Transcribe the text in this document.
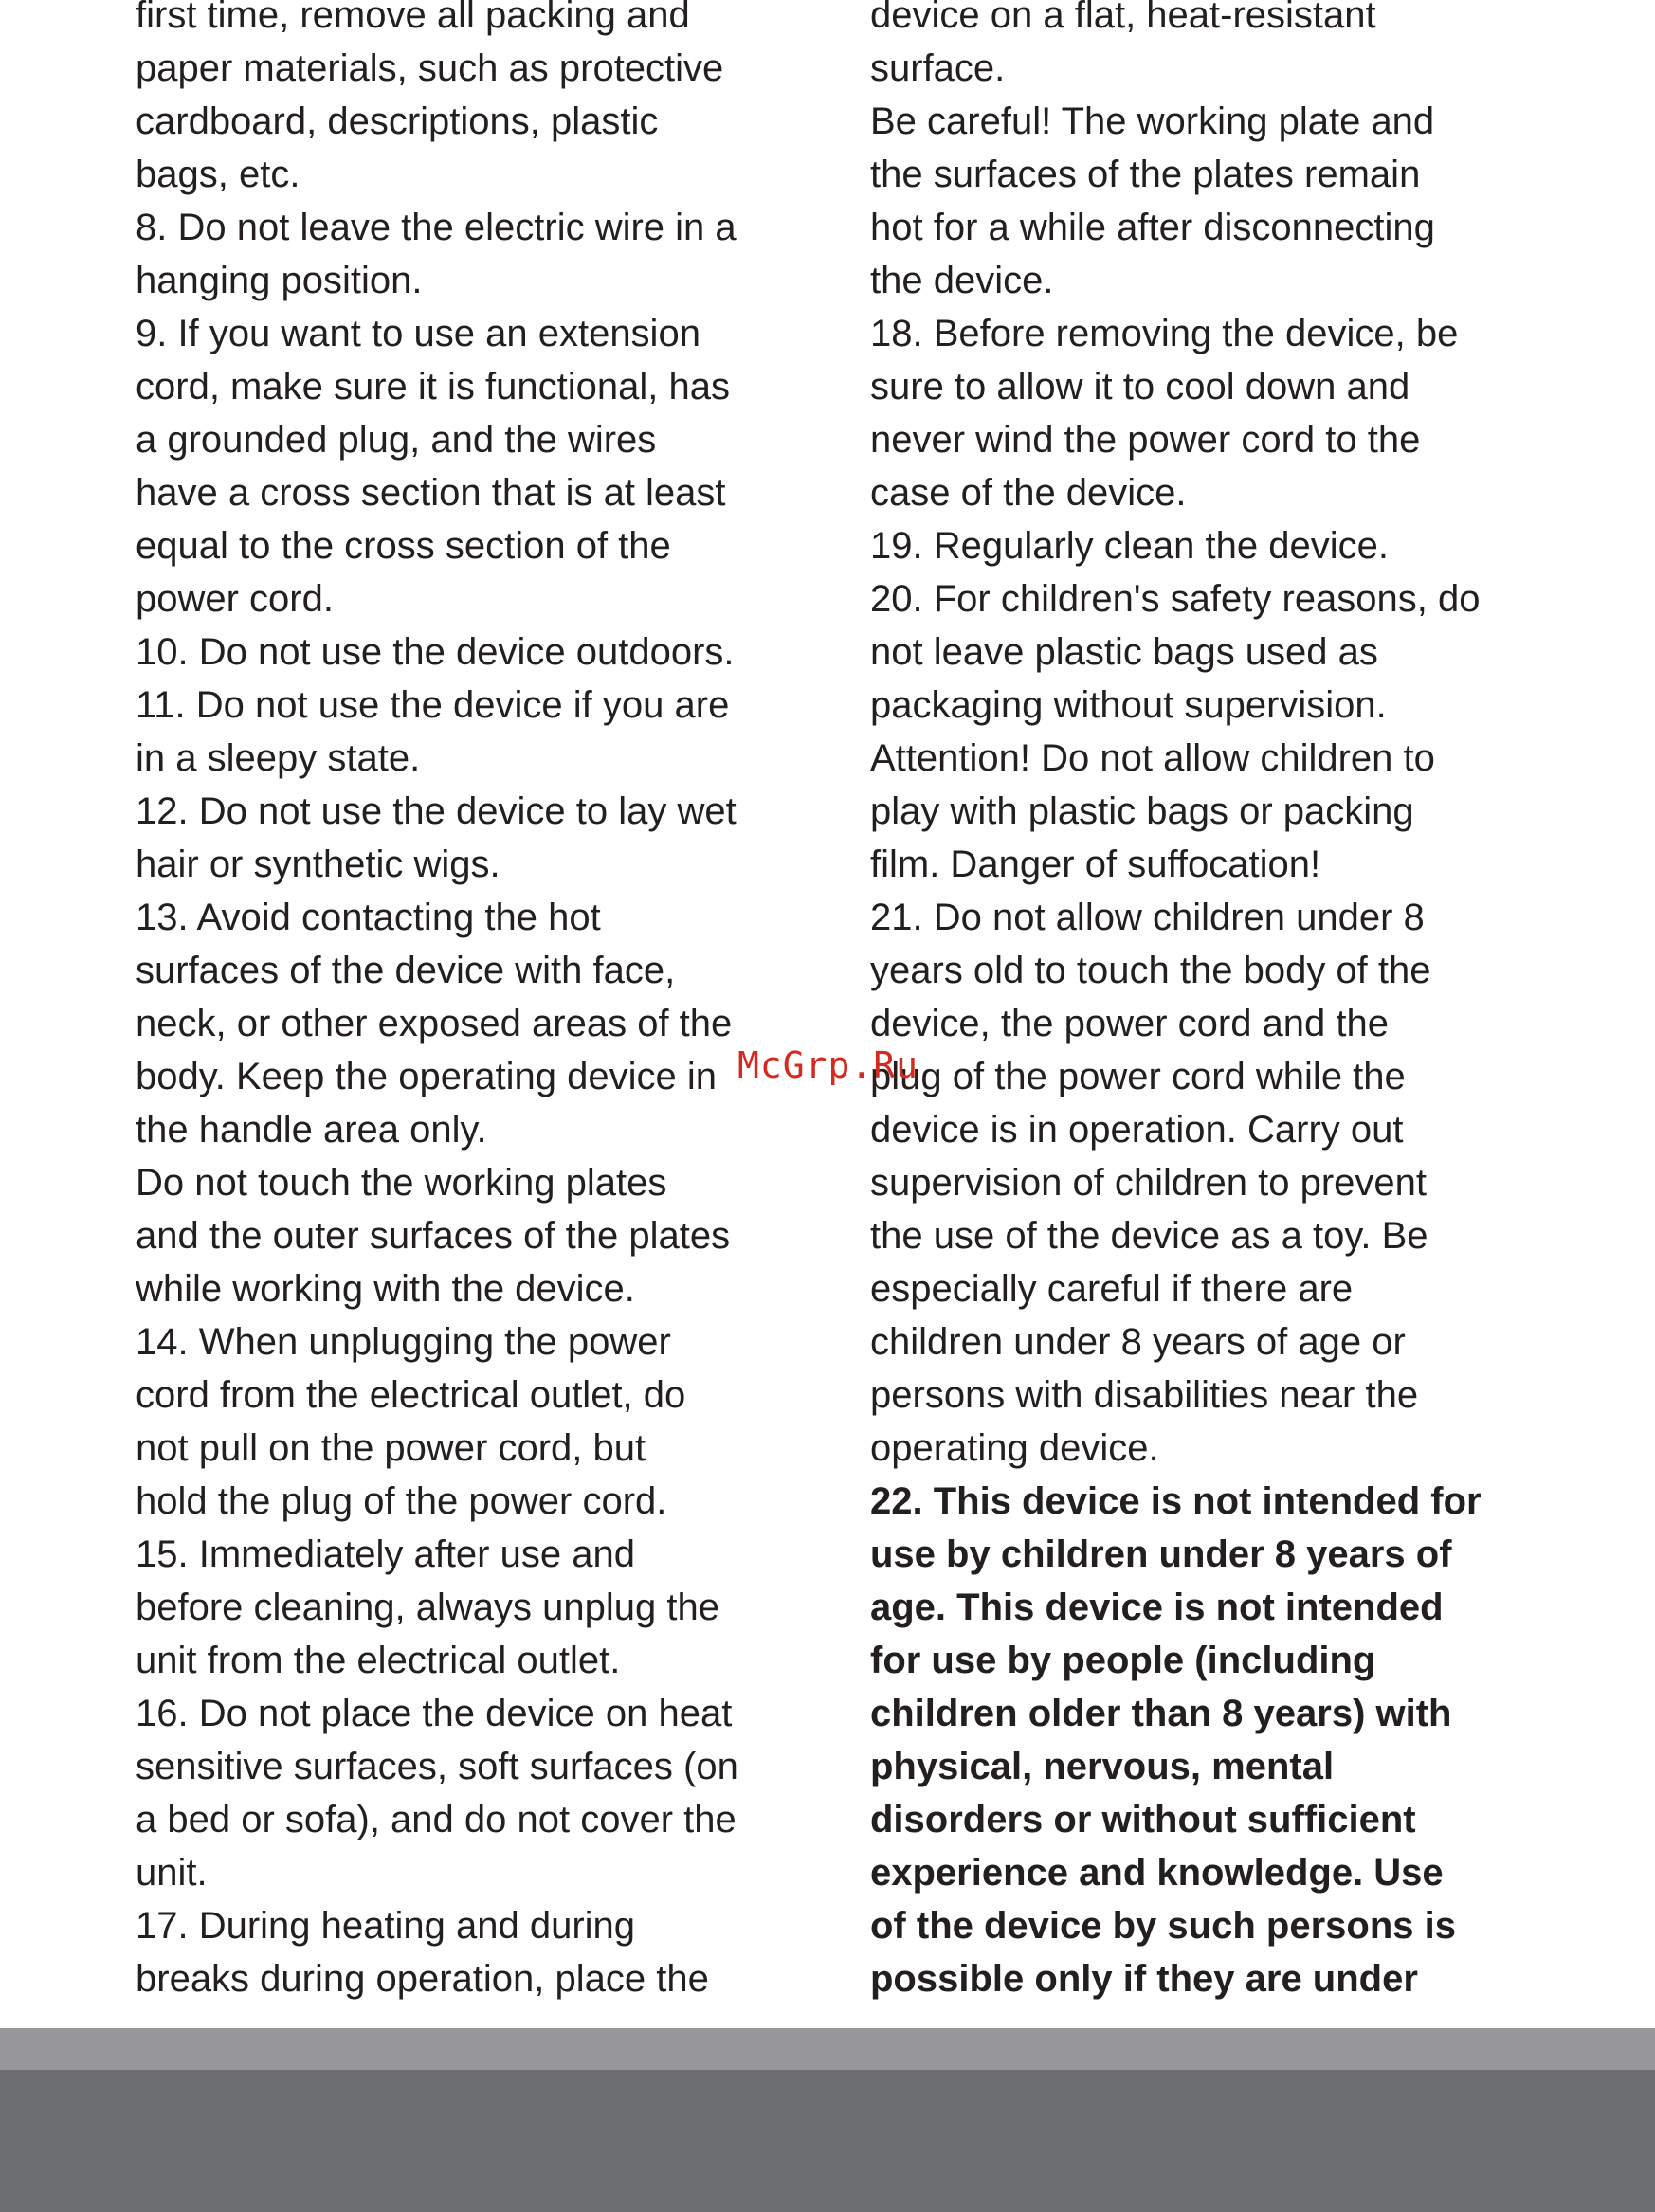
first time, remove all packing and
paper materials, such as protective
cardboard, descriptions, plastic
bags, etc.

8. Do not leave the electric wire in a
hanging position.

9. If you want to use an extension
cord, make sure it is functional, has
a grounded plug, and the wires
have a cross section that is at least
equal to the cross section of the
power cord.

10. Do not use the device outdoors.

11. Do not use the device if you are
in a sleepy state.

12. Do not use the device to lay wet
hair or synthetic wigs.

13. Avoid contacting the hot
surfaces of the device with face,
neck, or other exposed areas of the
body. Keep the operating device in
the handle area only.

Do not touch the working plates
and the outer surfaces of the plates
while working with the device.

14. When unplugging the power
cord from the electrical outlet, do
not pull on the power cord, but
hold the plug of the power cord.

15. Immediately after use and
before cleaning, always unplug the
unit from the electrical outlet.

16. Do not place the device on heat
sensitive surfaces, soft surfaces (on
a bed or sofa), and do not cover the
unit.

17. During heating and during
breaks during operation, place the

device on a flat, heat-resistant
surface.

Be careful! The working plate and
the surfaces of the plates remain
hot for a while after disconnecting
the device.

18. Before removing the device, be
sure to allow it to cool down and
never wind the power cord to the
case of the device.

19. Regularly clean the device.

20. For children's safety reasons, do
not leave plastic bags used as
packaging without supervision.
Attention! Do not allow children to
play with plastic bags or packing
film. Danger of suffocation!

21. Do not allow children under 8
years old to touch the body of the
device, the power cord and the
plug of the power cord while the
device is in operation. Carry out
supervision of children to prevent
the use of the device as a toy. Be
especially careful if there are
children under 8 years of age or
persons with disabilities near the
operating device.

22. This device is not intended for
use by children under 8 years of
age. This device is not intended
for use by people (including
children older than 8 years) with
physical, nervous, mental
disorders or without sufficient
experience and knowledge. Use
of the device by such persons is
possible only if they are under

McGrp.Ru
